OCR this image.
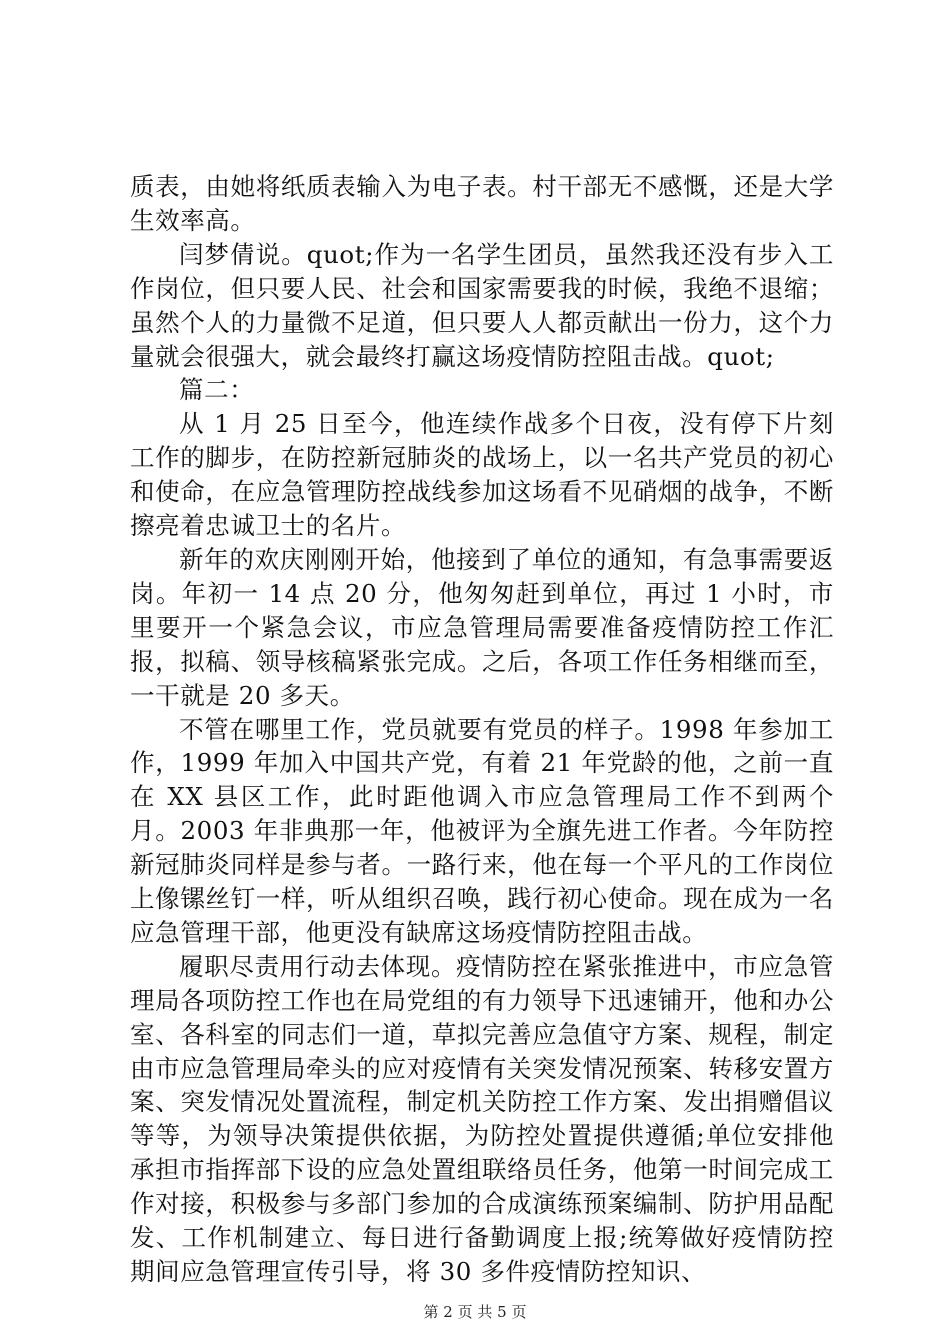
质表，由她将纸质表输入为电子表。村干部无不感慨，还是大学生效率高。

闫梦倩说。quot;作为一名学生团员，虽然我还没有步入工作岗位，但只要人民、社会和国家需要我的时候，我绝不退缩；虽然个人的力量微不足道，但只要人人都贡献出一份力，这个力量就会很强大，就会最终打赢这场疫情防控阻击战。quot;

篇二：

从 1 月 25 日至今，他连续作战多个日夜，没有停下片刻工作的脚步，在防控新冠肺炎的战场上，以一名共产党员的初心和使命，在应急管理防控战线参加这场看不见硝烟的战争，不断擦亮着忠诚卫士的名片。

新年的欢庆刚刚开始，他接到了单位的通知，有急事需要返岗。年初一 14 点 20 分，他匆匆赶到单位，再过 1 小时，市里要开一个紧急会议，市应急管理局需要准备疫情防控工作汇报，拟稿、领导核稿紧张完成。之后，各项工作任务相继而至，一干就是 20 多天。

不管在哪里工作，党员就要有党员的样子。1998 年参加工作，1999 年加入中国共产党，有着 21 年党龄的他，之前一直在 XX 县区工作，此时距他调入市应急管理局工作不到两个月。2003 年非典那一年，他被评为全旗先进工作者。今年防控新冠肺炎同样是参与者。一路行来，他在每一个平凡的工作岗位上像镙丝钉一样，听从组织召唤，践行初心使命。现在成为一名应急管理干部，他更没有缺席这场疫情防控阻击战。

履职尽责用行动去体现。疫情防控在紧张推进中，市应急管理局各项防控工作也在局党组的有力领导下迅速铺开，他和办公室、各科室的同志们一道，草拟完善应急值守方案、规程，制定由市应急管理局牵头的应对疫情有关突发情况预案、转移安置方案、突发情况处置流程，制定机关防控工作方案、发出捐赠倡议等等，为领导决策提供依据，为防控处置提供遵循;单位安排他承担市指挥部下设的应急处置组联络员任务，他第一时间完成工作对接，积极参与多部门参加的合成演练预案编制、防护用品配发、工作机制建立、每日进行备勤调度上报;统筹做好疫情防控期间应急管理宣传引导，将 30 多件疫情防控知识、

第 2 页 共 5 页
